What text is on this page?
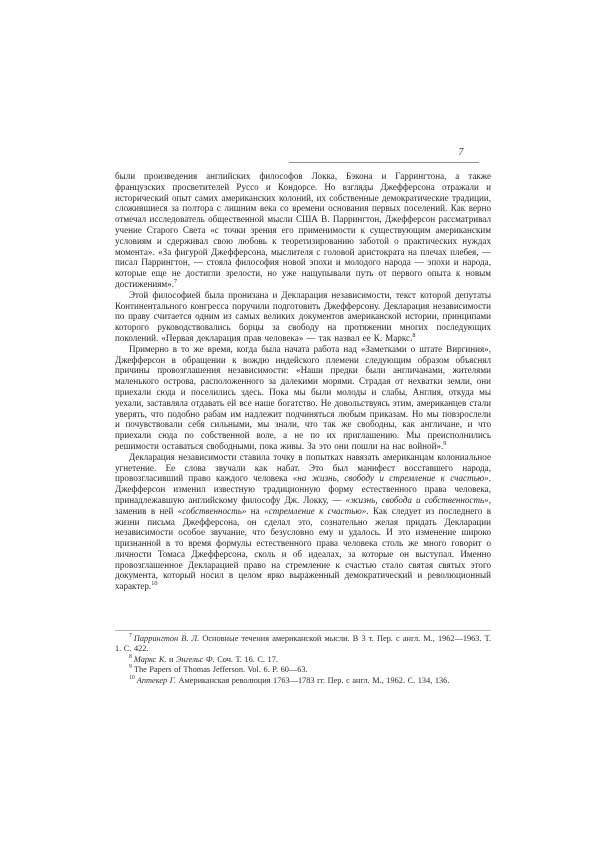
7

были произведения английских философов Локка, Бэкона и Гаррингтона, а также французских просветителей Руссо и Кондорсе. Но взгляды Джефферсона отражали и исторический опыт самих американских колоний, их собственные демократические традиции, сложившиеся за полтора с лишним века со времени основания первых поселений. Как верно отмечал исследователь общественной мысли США В. Паррингтон, Джефферсон рассматривал учение Старого Света «с точки зрения его применимости к существующим американским условиям и сдерживал свою любовь к теоретизированию заботой о практических нуждах момента». «За фигурой Джефферсона, мыслителя с головой аристократа на плечах плебея, — писал Паррингтон, — стояла философия новой эпохи и молодого народа — эпохи и народа, которые еще не достигли зрелости, но уже нащупывали путь от первого опыта к новым достижениям».$^7$

Этой философией была пронизана и Декларация независимости, текст которой депутаты Континентального конгресса поручили подготовить Джефферсону. Декларация независимости по праву считается одним из самых великих документов американской истории, принципами которого руководствовались борцы за свободу на протяжении многих последующих поколений. «Первая декларация прав человека» — так назвал ее К. Маркс.$^8$

Примерно в то же время, когда была начата работа над «Заметками о штате Виргиния», Джефферсон в обращении к вождю индейского племени следующим образом объяснял причины провозглашения независимости: «Наши предки были англичанами, жителями маленького острова, расположенного за далекими морями. Страдая от нехватки земли, они приехали сюда и поселились здесь. Пока мы были молоды и слабы, Англия, откуда мы уехали, заставляла отдавать ей все наше богатство. Не довольствуясь этим, американцев стали уверять, что подобно рабам им надлежит подчиняться любым приказам. Но мы повзрослели и почувствовали себя сильными, мы знали, что так же свободны, как англичане, и что приехали сюда по собственной воле, а не по их приглашению. Мы преисполнились решимости оставаться свободными, пока живы. За это они пошли на нас войной».$^9$

Декларация независимости ставила точку в попытках навязать американцам колониальное угнетение. Ее слова звучали как набат. Это был манифест восставшего народа, провозгласивший право каждого человека «на жизнь, свободу и стремление к счастью». Джефферсон изменил известную традиционную форму естественного права человека, принадлежавшую английскому философу Дж. Локку, — «жизнь, свобода и собственность», заменив в ней «собственность» на «стремление к счастью». Как следует из последнего в жизни письма Джефферсона, он сделал это, сознательно желая придать Декларации независимости особое звучание, что безусловно ему и удалось. И это изменение широко признанной в то время формулы естественного права человека столь же много говорит о личности Томаса Джефферсона, сколь и об идеалах, за которые он выступал. Именно провозглашенное Декларацией право на стремление к счастью стало святая святых этого документа, который носил в целом ярко выраженный демократический и революционный характер.$^{10}$

$^7$ Паррингтон В. Л. Основные течения американской мысли. В 3 т. Пер. с англ. М., 1962—1963. Т. 1. С. 422.

$^8$ Маркс К. и Энгельс Ф. Соч. Т. 16. С. 17.

$^9$ The Papers of Thomas Jefferson. Vol. 6. P. 60—63.

$^{10}$ Аптекер Г. Американская революция 1763—1783 гг. Пер. с англ. М., 1962. С. 134, 136.
